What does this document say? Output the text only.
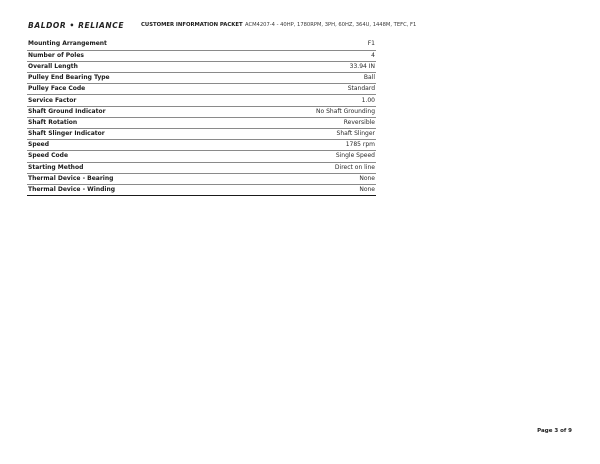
BALDOR • RELIANCE	CUSTOMER INFORMATION PACKET ACM4207-4 - 40HP, 1780RPM, 3PH, 60HZ, 364U, 1448M, TEFC, F1
Mounting Arrangement	F1
Number of Poles	4
Overall Length	33.94 IN
Pulley End Bearing Type	Ball
Pulley Face Code	Standard
Service Factor	1.00
Shaft Ground Indicator	No Shaft Grounding
Shaft Rotation	Reversible
Shaft Slinger Indicator	Shaft Slinger
Speed	1785 rpm
Speed Code	Single Speed
Starting Method	Direct on line
Thermal Device - Bearing	None
Thermal Device - Winding	None
Page 3 of 9
